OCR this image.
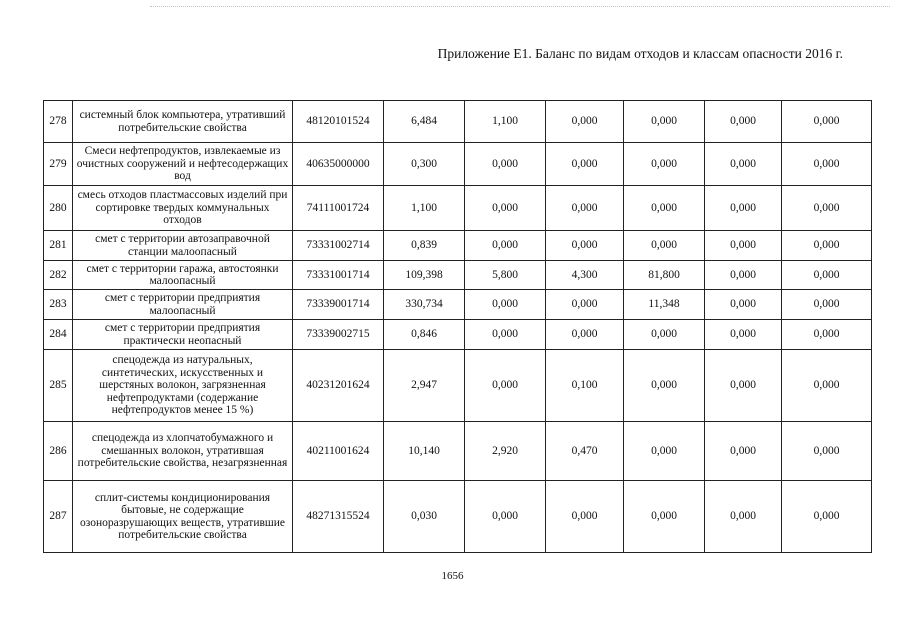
Приложение Е1. Баланс по видам отходов и классам опасности 2016 г.
278	системный блок компьютера, утративший потребительские свойства	48120101524	6,484	1,100	0,000	0,000	0,000	0,000
279	Смеси нефтепродуктов, извлекаемые из очистных сооружений и нефтесодержащих вод	40635000000	0,300	0,000	0,000	0,000	0,000	0,000
280	смесь отходов пластмассовых изделий при сортировке твердых коммунальных отходов	74111001724	1,100	0,000	0,000	0,000	0,000	0,000
281	смет с территории автозаправочной станции малоопасный	73331002714	0,839	0,000	0,000	0,000	0,000	0,000
282	смет с территории гаража, автостоянки малоопасный	73331001714	109,398	5,800	4,300	81,800	0,000	0,000
283	смет с территории предприятия малоопасный	73339001714	330,734	0,000	0,000	11,348	0,000	0,000
284	смет с территории предприятия практически неопасный	73339002715	0,846	0,000	0,000	0,000	0,000	0,000
285	спецодежда из натуральных, синтетических, искусственных и шерстяных волокон, загрязненная нефтепродуктами (содержание нефтепродуктов менее 15 %)	40231201624	2,947	0,000	0,100	0,000	0,000	0,000
286	спецодежда из хлопчатобумажного и смешанных волокон, утратившая потребительские свойства, незагрязненная	40211001624	10,140	2,920	0,470	0,000	0,000	0,000
287	сплит-системы кондиционирования бытовые, не содержащие озоноразрушающих веществ, утратившие потребительские свойства	48271315524	0,030	0,000	0,000	0,000	0,000	0,000
1656
